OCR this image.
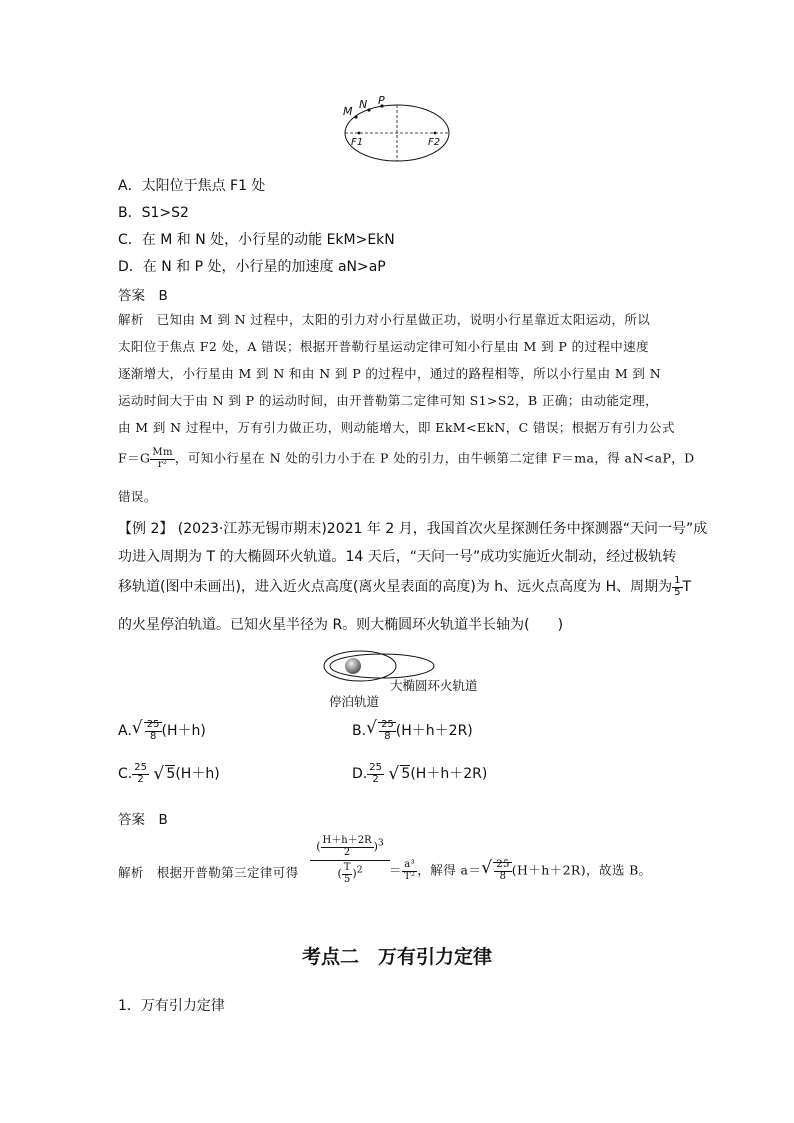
M
N P
F1	F2
A．太阳位于焦点 F1 处
B．S1>S2
C．在 M 和 N 处，小行星的动能 EkM>EkN
D．在 N 和 P 处，小行星的加速度 aN>aP
答案　B
解析　已知由 M 到 N 过程中，太阳的引力对小行星做正功，说明小行星靠近太阳运动，所以
太阳位于焦点 F2 处，A 错误；根据开普勒行星运动定律可知小行星由 M 到 P 的过程中速度
逐渐增大，小行星由 M 到 N 和由 N 到 P 的过程中，通过的路程相等，所以小行星由 M 到 N
运动时间大于由 N 到 P 的运动时间，由开普勒第二定律可知 S1>S2，B 正确；由动能定理，
由 M 到 N 过程中，万有引力做正功，则动能增大，即 EkM<EkN，C 错误；根据万有引力公式
$F=G \frac{Mm}{\text{r²}}$ ，可知小行星在 N 处的引力小于在 P 处的引力，由牛顿第二定律 F＝ma，得 aN<aP，D
错误。
【例 2】 (2023·江苏无锡市期末)2021 年 2 月，我国首次火星探测任务中探测器“天问一号”成
功进入周期为 T 的大椭圆环火轨道。14 天后，“天问一号”成功实施近火制动，经过极轨转
移轨道(图中未画出)，进入近火点高度(离火星表面的高度)为 h、远火点高度为 H、周期为 $\frac{1}{5}$ T
的火星停泊轨道。已知火星半径为 R。则大椭圆环火轨道半长轴为(　　)
大椭圆环火轨道
停泊轨道
A. √ $\frac{25}{8} (H+h)$	B. √ $\frac{25}{8} (H+h+2R)$
C. $\frac{25}{2}$ √ 5(H＋h)	D. $\frac{25}{2}$ √ 5(H＋h＋2R)
答案　B
解析　根据开普勒第三定律可得
( $\frac{H+h+2R}{2} )^3$
( $\frac{T}{5} )^2$	＝ $\frac{\text{a³}}{\text{T²}}$ ，解得 a＝ √ $\frac{25}{8} (H+h+2R)$，故选 B。
考点二　万有引力定律
1．万有引力定律
